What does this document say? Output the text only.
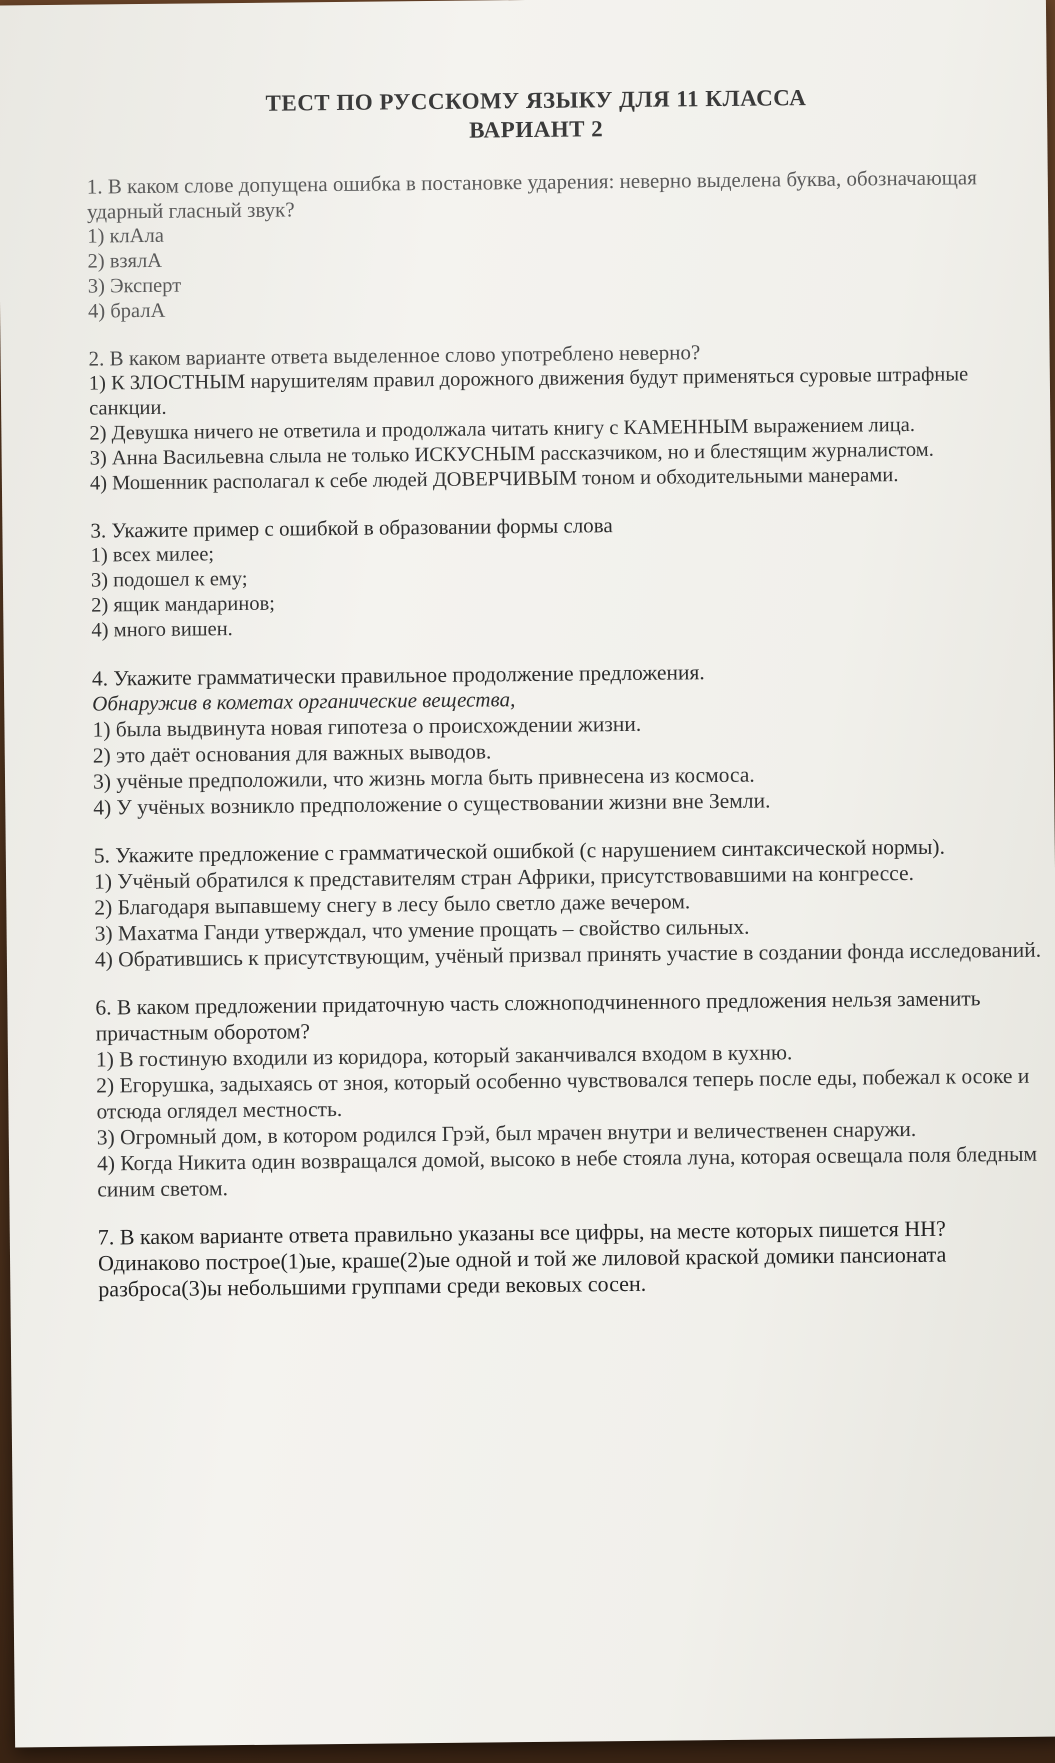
ТЕСТ ПО РУССКОМУ ЯЗЫКУ ДЛЯ 11 КЛАССА
ВАРИАНТ 2
1. В каком слове допущена ошибка в постановке ударения: неверно выделена буква, обозначающая ударный гласный звук?
1) клАла
2) взялА
3) Эксперт
4) бралА
2. В каком варианте ответа выделенное слово употреблено неверно?
1) К ЗЛОСТНЫМ нарушителям правил дорожного движения будут применяться суровые штрафные санкции.
2) Девушка ничего не ответила и продолжала читать книгу с КАМЕННЫМ выражением лица.
3) Анна Васильевна слыла не только ИСКУСНЫМ рассказчиком, но и блестящим журналистом.
4) Мошенник располагал к себе людей ДОВЕРЧИВЫМ тоном и обходительными манерами.
3. Укажите пример с ошибкой в образовании формы слова
1) всех милее;
3) подошел к ему;
2) ящик мандаринов;
4) много вишен.
4. Укажите грамматически правильное продолжение предложения.
Обнаружив в кометах органические вещества,
1) была выдвинута новая гипотеза о происхождении жизни.
2) это даёт основания для важных выводов.
3) учёные предположили, что жизнь могла быть привнесена из космоса.
4) У учёных возникло предположение о существовании жизни вне Земли.
5. Укажите предложение с грамматической ошибкой (с нарушением синтаксической нормы).
1) Учёный обратился к представителям стран Африки, присутствовавшими на конгрессе.
2) Благодаря выпавшему снегу в лесу было светло даже вечером.
3) Махатма Ганди утверждал, что умение прощать – свойство сильных.
4) Обратившись к присутствующим, учёный призвал принять участие в создании фонда исследований.
6. В каком предложении придаточную часть сложноподчиненного предложения нельзя заменить причастным оборотом?
1) В гостиную входили из коридора, который заканчивался входом в кухню.
2) Егорушка, задыхаясь от зноя, который особенно чувствовался теперь после еды, побежал к осоке и отсюда оглядел местность.
3) Огромный дом, в котором родился Грэй, был мрачен внутри и величественен снаружи.
4) Когда Никита один возвращался домой, высоко в небе стояла луна, которая освещала поля бледным синим светом.
7. В каком варианте ответа правильно указаны все цифры, на месте которых пишется НН?
Одинаково построе(1)ые, краше(2)ые одной и той же лиловой краской домики пансионата разброса(3)ы небольшими группами среди вековых сосен.
